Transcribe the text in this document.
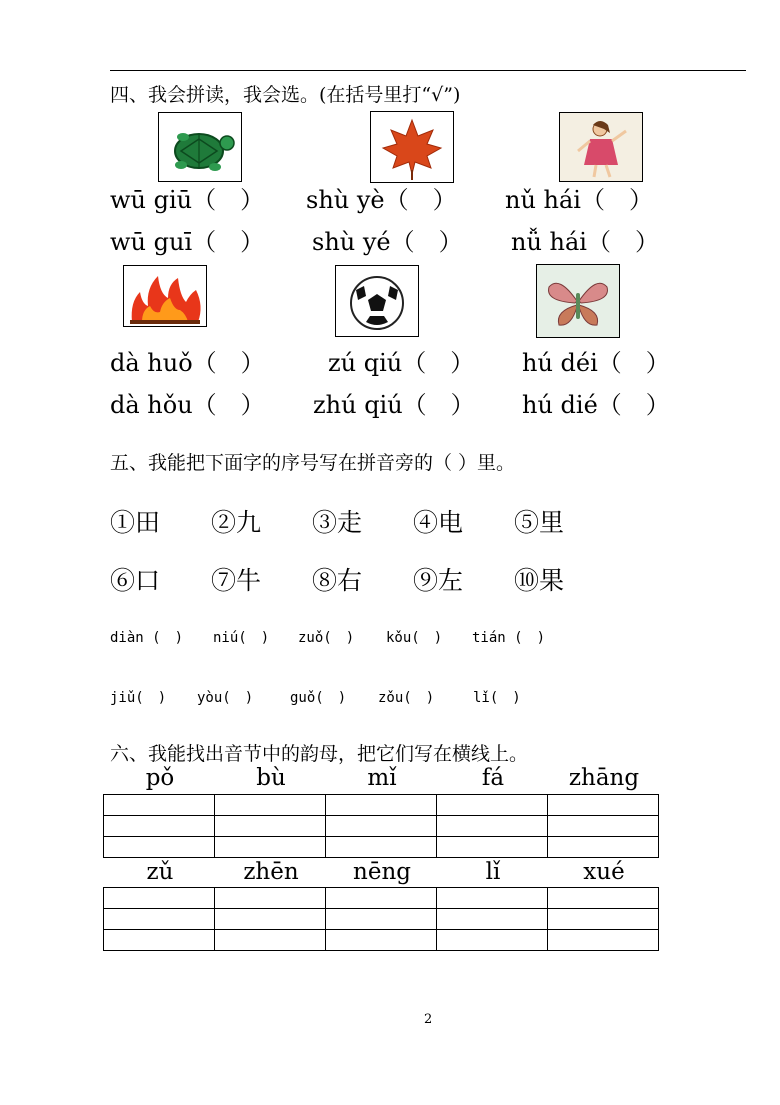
四、我会拼读，我会选。(在括号里打“√”)
wū giū（　） shù yè（　） nǔ hái（　）
wū guī（　） shù yé（　） nǚ hái（　）
dà huǒ（　）	zú qiú（　） hú déi（　）
dà hǒu（　） zhú qiú（　） hú dié（　）
五、我能把下面字的序号写在拼音旁的（ ）里。
①田 ②九 ③走 ④电 ⑤里
⑥口 ⑦牛 ⑧右 ⑨左 ⑩果
diàn (　) niú(　) zuǒ(　) kǒu(　) tián (　)
jiǔ(　) yòu(　)	guǒ(　) zǒu(　)	lǐ(　)
六、我能找出音节中的韵母，把它们写在横线上。
pǒ	bù	mǐ	fá	zhāng

zǔ	zhēn	nēng	lǐ	xué

2
